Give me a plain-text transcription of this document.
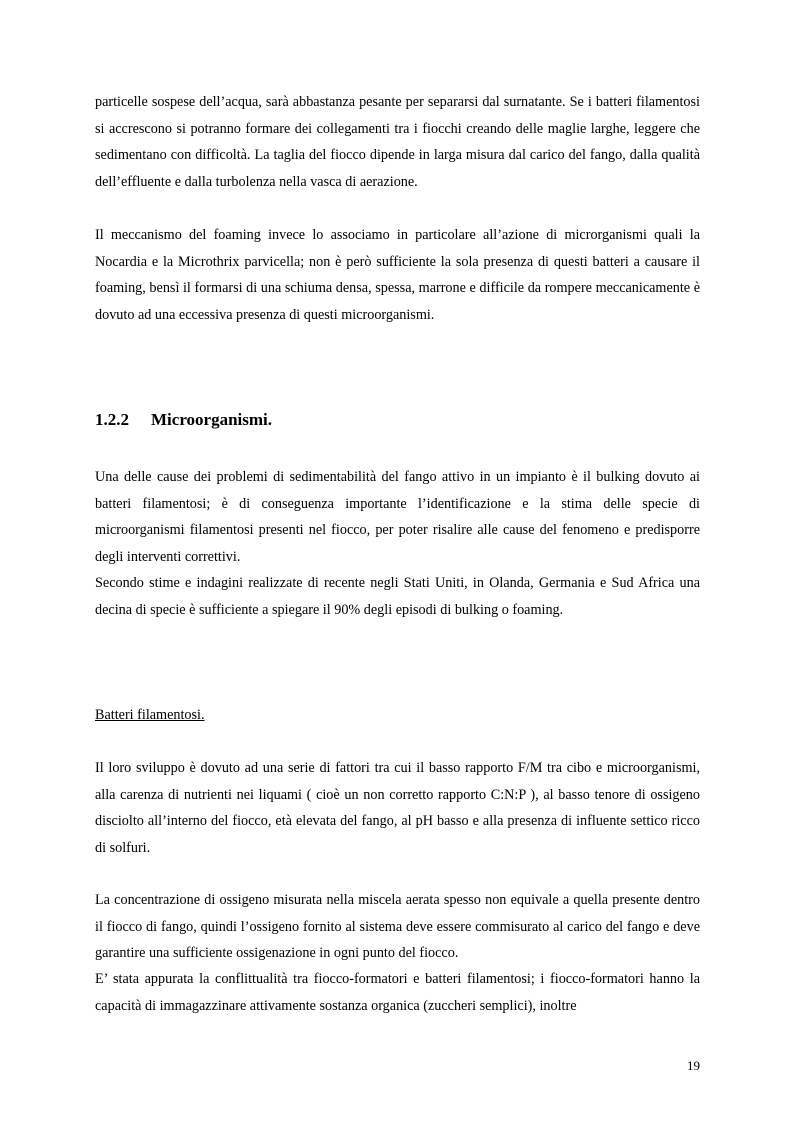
particelle sospese dell’acqua, sarà abbastanza pesante per separarsi dal surnatante. Se i batteri filamentosi si accrescono si potranno formare dei collegamenti tra i fiocchi creando delle maglie larghe, leggere che sedimentano con difficoltà. La taglia del fiocco dipende in larga misura dal carico del fango, dalla qualità dell’effluente e dalla turbolenza nella vasca di aerazione.

Il meccanismo del foaming invece lo associamo in particolare all’azione di microrganismi quali la Nocardia e la Microthrix parvicella; non è però sufficiente la sola presenza di questi batteri a causare il foaming, bensì il formarsi di una schiuma densa, spessa, marrone e difficile da rompere meccanicamente è dovuto ad una eccessiva presenza di questi microorganismi.

1.2.2 Microorganismi.

Una delle cause dei problemi di sedimentabilità del fango attivo in un impianto è il bulking dovuto ai batteri filamentosi; è di conseguenza importante l’identificazione e la stima delle specie di microorganismi filamentosi presenti nel fiocco, per poter risalire alle cause del fenomeno e predisporre degli interventi correttivi.

Secondo stime e indagini realizzate di recente negli Stati Uniti, in Olanda, Germania e Sud Africa una decina di specie è sufficiente a spiegare il 90% degli episodi di bulking o foaming.

Batteri filamentosi.

Il loro sviluppo è dovuto ad una serie di fattori tra cui il basso rapporto F/M tra cibo e microorganismi, alla carenza di nutrienti nei liquami ( cioè un non corretto rapporto C:N:P ), al basso tenore di ossigeno disciolto all’interno del fiocco, età elevata del fango, al pH basso e alla presenza di influente settico ricco di solfuri.

La concentrazione di ossigeno misurata nella miscela aerata spesso non equivale a quella presente dentro il fiocco di fango, quindi l’ossigeno fornito al sistema deve essere commisurato al carico del fango e deve garantire una sufficiente ossigenazione in ogni punto del fiocco.

E’ stata appurata la conflittualità tra fiocco-formatori e batteri filamentosi; i fiocco-formatori hanno la capacità di immagazzinare attivamente sostanza organica (zuccheri semplici), inoltre

19
